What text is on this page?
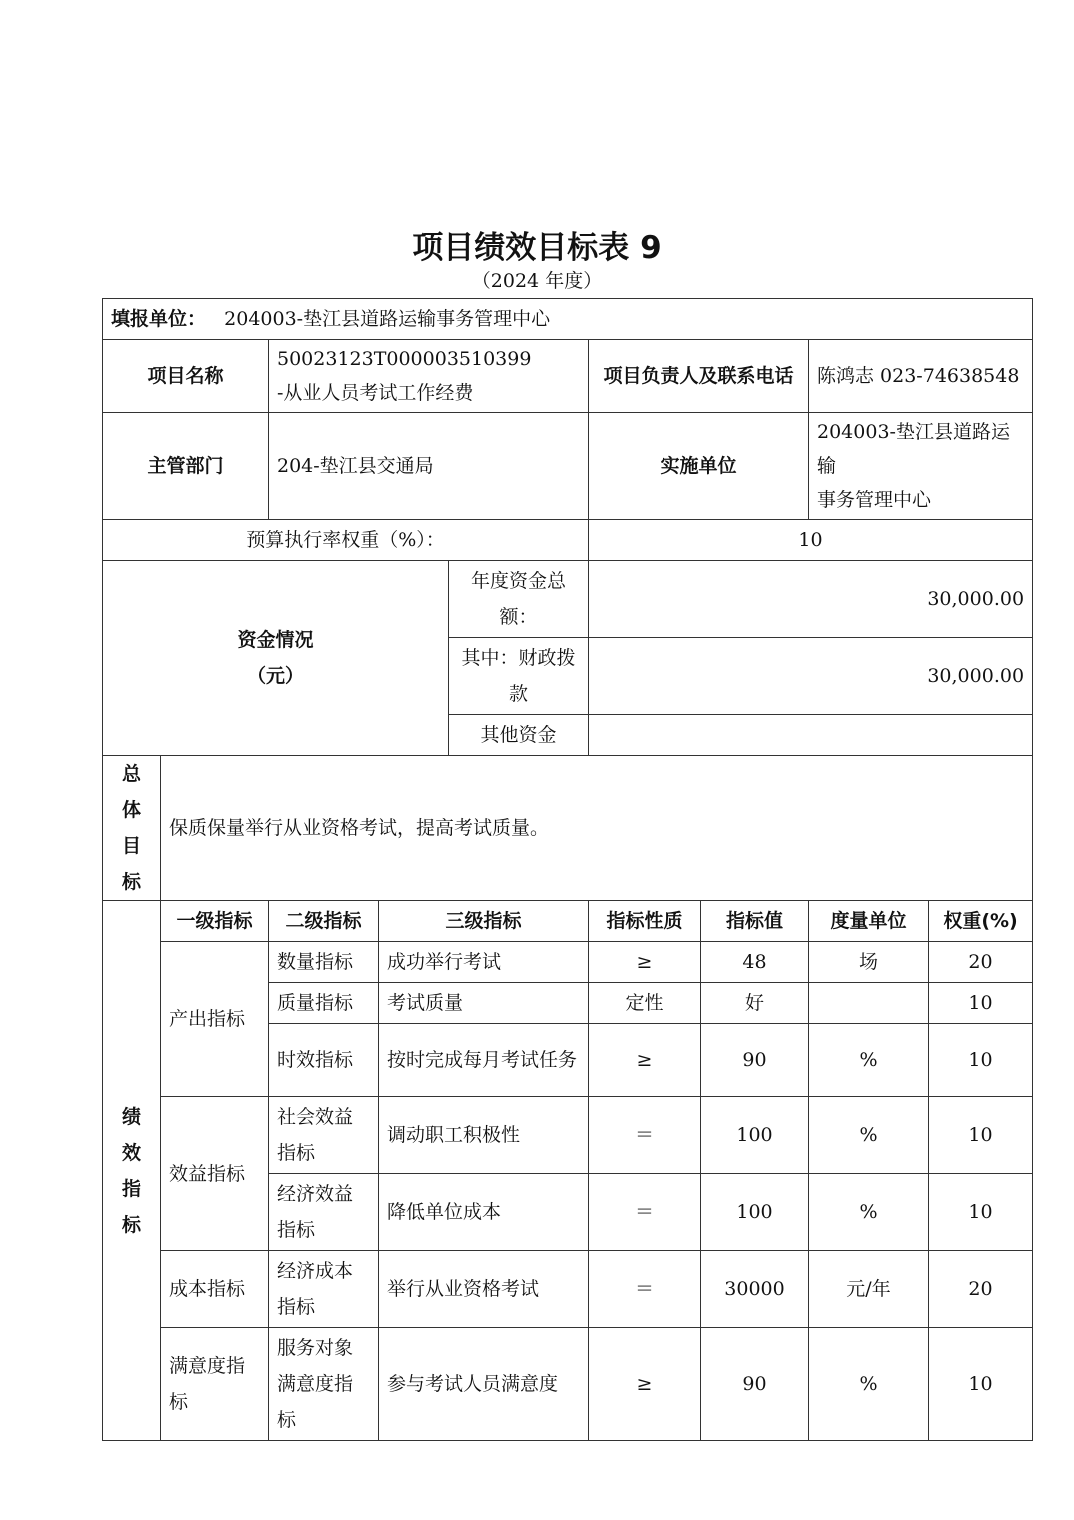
项目绩效目标表 9
（2024 年度）
填报单位： 204003-垫江县道路运输事务管理中心								
项目名称		50023123T000003510399
-从业人员考试工作经费			项目负责人及联系电话		陈鸿志 023-74638548	
主管部门		204-垫江县交通局			实施单位		204003-垫江县道路运输
事务管理中心	

预算执行率权重（%）：					10			

资金情况
（元）				年度资金总额：	30,000.00			
				其中：财政拨款	30,000.00			
				其他资金				

总
体
目
标	保质保量举行从业资格考试，提高考试质量。							

绩
效
指
标	一级指标	二级指标	三级指标		指标性质	指标值	度量单位	权重(%)
	产出指标	数量指标	成功举行考试		≥	48	场	20
		质量指标	考试质量		定性	好		10
		时效指标	按时完成每月考试任务		≥	90	%	10
	效益指标	社会效益指标	调动职工积极性		＝	100	%	10
		经济效益指标	降低单位成本		＝	100	%	10
	成本指标	经济成本指标	举行从业资格考试		＝	30000	元/年	20
	满意度指标	服务对象满意度指标	参与考试人员满意度		≥	90	%	10
